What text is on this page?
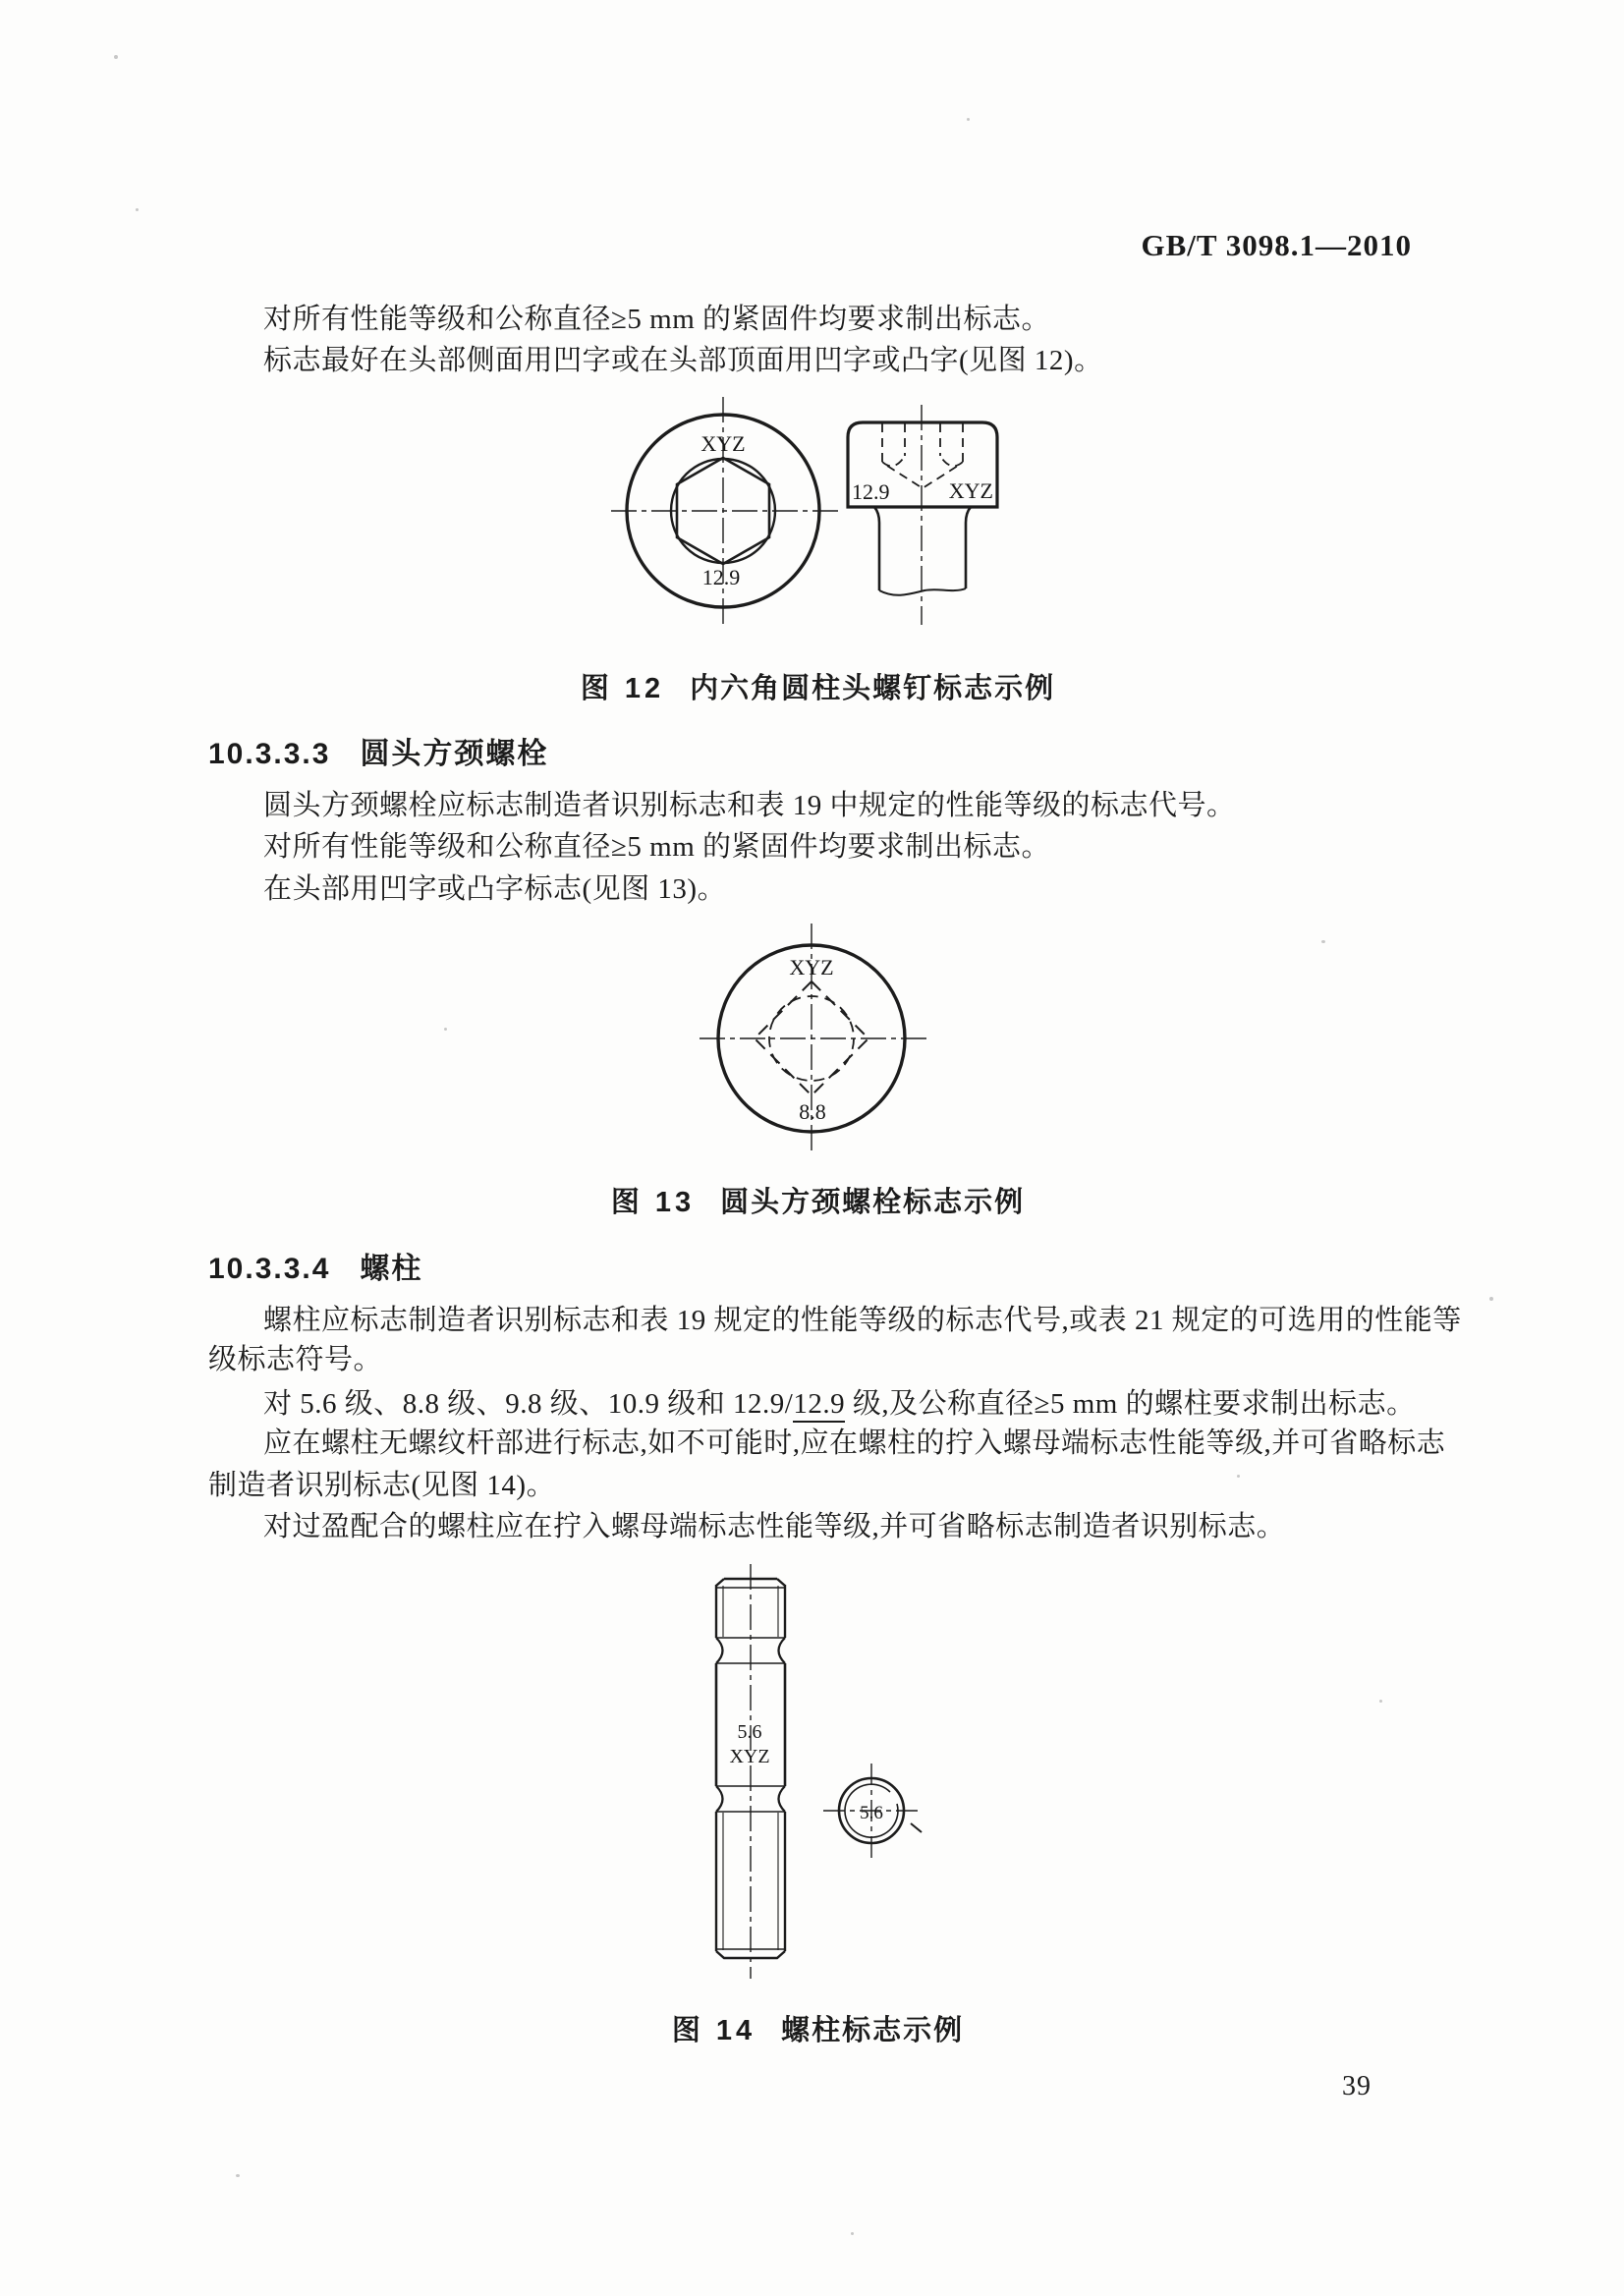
GB/T 3098.1—2010
对所有性能等级和公称直径≥5 mm 的紧固件均要求制出标志。
标志最好在头部侧面用凹字或在头部顶面用凹字或凸字(见图 12)。
XYZ
12.9
12.9	XYZ
图 12 内六角圆柱头螺钉标志示例
10.3.3.3 圆头方颈螺栓
圆头方颈螺栓应标志制造者识别标志和表 19 中规定的性能等级的标志代号。
对所有性能等级和公称直径≥5 mm 的紧固件均要求制出标志。
在头部用凹字或凸字标志(见图 13)。
XYZ
8.8
图 13 圆头方颈螺栓标志示例
10.3.3.4 螺柱
螺柱应标志制造者识别标志和表 19 规定的性能等级的标志代号,或表 21 规定的可选用的性能等
级标志符号。
对 5.6 级、8.8 级、9.8 级、10.9 级和 12.9/12.9 级,及公称直径≥5 mm 的螺柱要求制出标志。
应在螺柱无螺纹杆部进行标志,如不可能时,应在螺柱的拧入螺母端标志性能等级,并可省略标志
制造者识别标志(见图 14)。
对过盈配合的螺柱应在拧入螺母端标志性能等级,并可省略标志制造者识别标志。
5.6
XYZ
5.6
图 14 螺柱标志示例
39
